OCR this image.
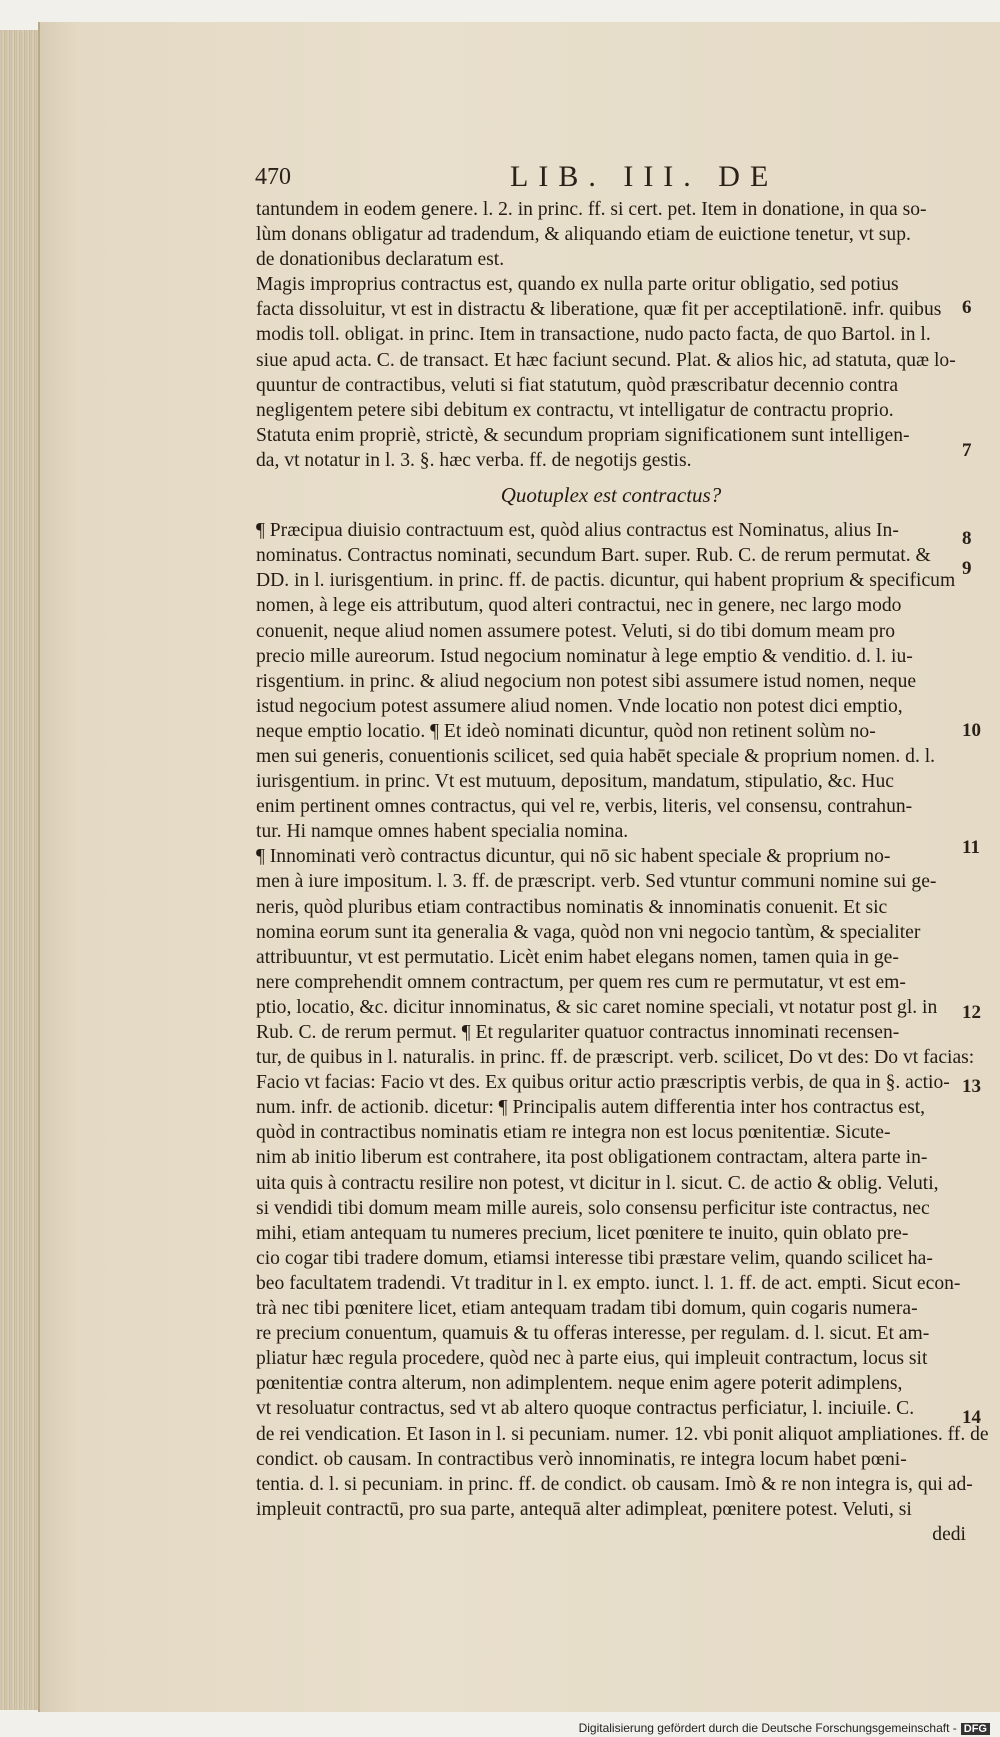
470	LIB. III. DE
tantundem in eodem genere. l. 2. in princ. ff. si cert. pet. Item in donatione, in qua so-
lùm donans obligatur ad tradendum, & aliquando etiam de euictione tenetur, vt sup.
de donationibus declaratum est.
Magis improprius contractus est, quando ex nulla parte oritur obligatio, sed potius
facta dissoluitur, vt est in distractu & liberatione, quæ fit per acceptilationē. infr. quibus
modis toll. obligat. in princ. Item in transactione, nudo pacto facta, de quo Bartol. in l.
siue apud acta. C. de transact. Et hæc faciunt secund. Plat. & alios hic, ad statuta, quæ lo-
quuntur de contractibus, veluti si fiat statutum, quòd præscribatur decennio contra
negligentem petere sibi debitum ex contractu, vt intelligatur de contractu proprio.
Statuta enim propriè, strictè, & secundum propriam significationem sunt intelligen-
da, vt notatur in l. 3. §. hæc verba. ff. de negotijs gestis.
Quotuplex est contractus?
¶ Præcipua diuisio contractuum est, quòd alius contractus est Nominatus, alius In-
nominatus. Contractus nominati, secundum Bart. super. Rub. C. de rerum permutat. &
DD. in l. iurisgentium. in princ. ff. de pactis. dicuntur, qui habent proprium & specificum
nomen, à lege eis attributum, quod alteri contractui, nec in genere, nec largo modo
conuenit, neque aliud nomen assumere potest. Veluti, si do tibi domum meam pro
precio mille aureorum. Istud negocium nominatur à lege emptio & venditio. d. l. iu-
risgentium. in princ. & aliud negocium non potest sibi assumere istud nomen, neque
istud negocium potest assumere aliud nomen. Vnde locatio non potest dici emptio,
neque emptio locatio. ¶ Et ideò nominati dicuntur, quòd non retinent solùm no-
men sui generis, conuentionis scilicet, sed quia habēt speciale & proprium nomen. d. l.
iurisgentium. in princ. Vt est mutuum, depositum, mandatum, stipulatio, &c. Huc
enim pertinent omnes contractus, qui vel re, verbis, literis, vel consensu, contrahun-
tur. Hi namque omnes habent specialia nomina.
¶ Innominati verò contractus dicuntur, qui nō sic habent speciale & proprium no-
men à iure impositum. l. 3. ff. de præscript. verb. Sed vtuntur communi nomine sui ge-
neris, quòd pluribus etiam contractibus nominatis & innominatis conuenit. Et sic
nomina eorum sunt ita generalia & vaga, quòd non vni negocio tantùm, & specialiter
attribuuntur, vt est permutatio. Licèt enim habet elegans nomen, tamen quia in ge-
nere comprehendit omnem contractum, per quem res cum re permutatur, vt est em-
ptio, locatio, &c. dicitur innominatus, & sic caret nomine speciali, vt notatur post gl. in
Rub. C. de rerum permut. ¶ Et regulariter quatuor contractus innominati recensen-
tur, de quibus in l. naturalis. in princ. ff. de præscript. verb. scilicet, Do vt des: Do vt facias:
Facio vt facias: Facio vt des. Ex quibus oritur actio præscriptis verbis, de qua in §. actio-
num. infr. de actionib. dicetur: ¶ Principalis autem differentia inter hos contractus est,
quòd in contractibus nominatis etiam re integra non est locus pœnitentiæ. Sicute-
nim ab initio liberum est contrahere, ita post obligationem contractam, altera parte in-
uita quis à contractu resilire non potest, vt dicitur in l. sicut. C. de actio & oblig. Veluti,
si vendidi tibi domum meam mille aureis, solo consensu perficitur iste contractus, nec
mihi, etiam antequam tu numeres precium, licet pœnitere te inuito, quin oblato pre-
cio cogar tibi tradere domum, etiamsi interesse tibi præstare velim, quando scilicet ha-
beo facultatem tradendi. Vt traditur in l. ex empto. iunct. l. 1. ff. de act. empti. Sicut econ-
trà nec tibi pœnitere licet, etiam antequam tradam tibi domum, quin cogaris numera-
re precium conuentum, quamuis & tu offeras interesse, per regulam. d. l. sicut. Et am-
pliatur hæc regula procedere, quòd nec à parte eius, qui impleuit contractum, locus sit
pœnitentiæ contra alterum, non adimplentem. neque enim agere poterit adimplens,
vt resoluatur contractus, sed vt ab altero quoque contractus perficiatur, l. inciuile. C.
de rei vendication. Et Iason in l. si pecuniam. numer. 12. vbi ponit aliquot ampliationes. ff. de
condict. ob causam. In contractibus verò innominatis, re integra locum habet pœni-
tentia. d. l. si pecuniam. in princ. ff. de condict. ob causam. Imò & re non integra is, qui ad-
impleuit contractū, pro sua parte, antequā alter adimpleat, pœnitere potest. Veluti, si
dedi
6
7
8
9
10
11
12
13
14
Digitalisierung gefördert durch die Deutsche Forschungsgemeinschaft - DFG
